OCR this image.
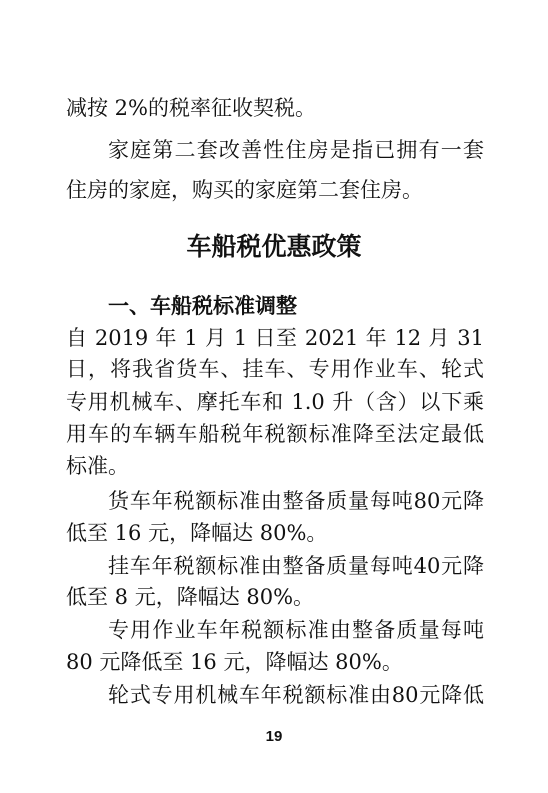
减按 2%的税率征收契税。
家庭第二套改善性住房是指已拥有一套
住房的家庭，购买的家庭第二套住房。
车船税优惠政策
一、车船税标准调整
自 2019 年 1 月 1 日至 2021 年 12 月 31
日，将我省货车、挂车、专用作业车、轮式
专用机械车、摩托车和 1.0 升（含）以下乘
用车的车辆车船税年税额标准降至法定最低
标准。
货车年税额标准由整备质量每吨80元降
低至 16 元，降幅达 80%。
挂车年税额标准由整备质量每吨40元降
低至 8 元，降幅达 80%。
专用作业车年税额标准由整备质量每吨
80 元降低至 16 元，降幅达 80%。
轮式专用机械车年税额标准由80元降低
19
